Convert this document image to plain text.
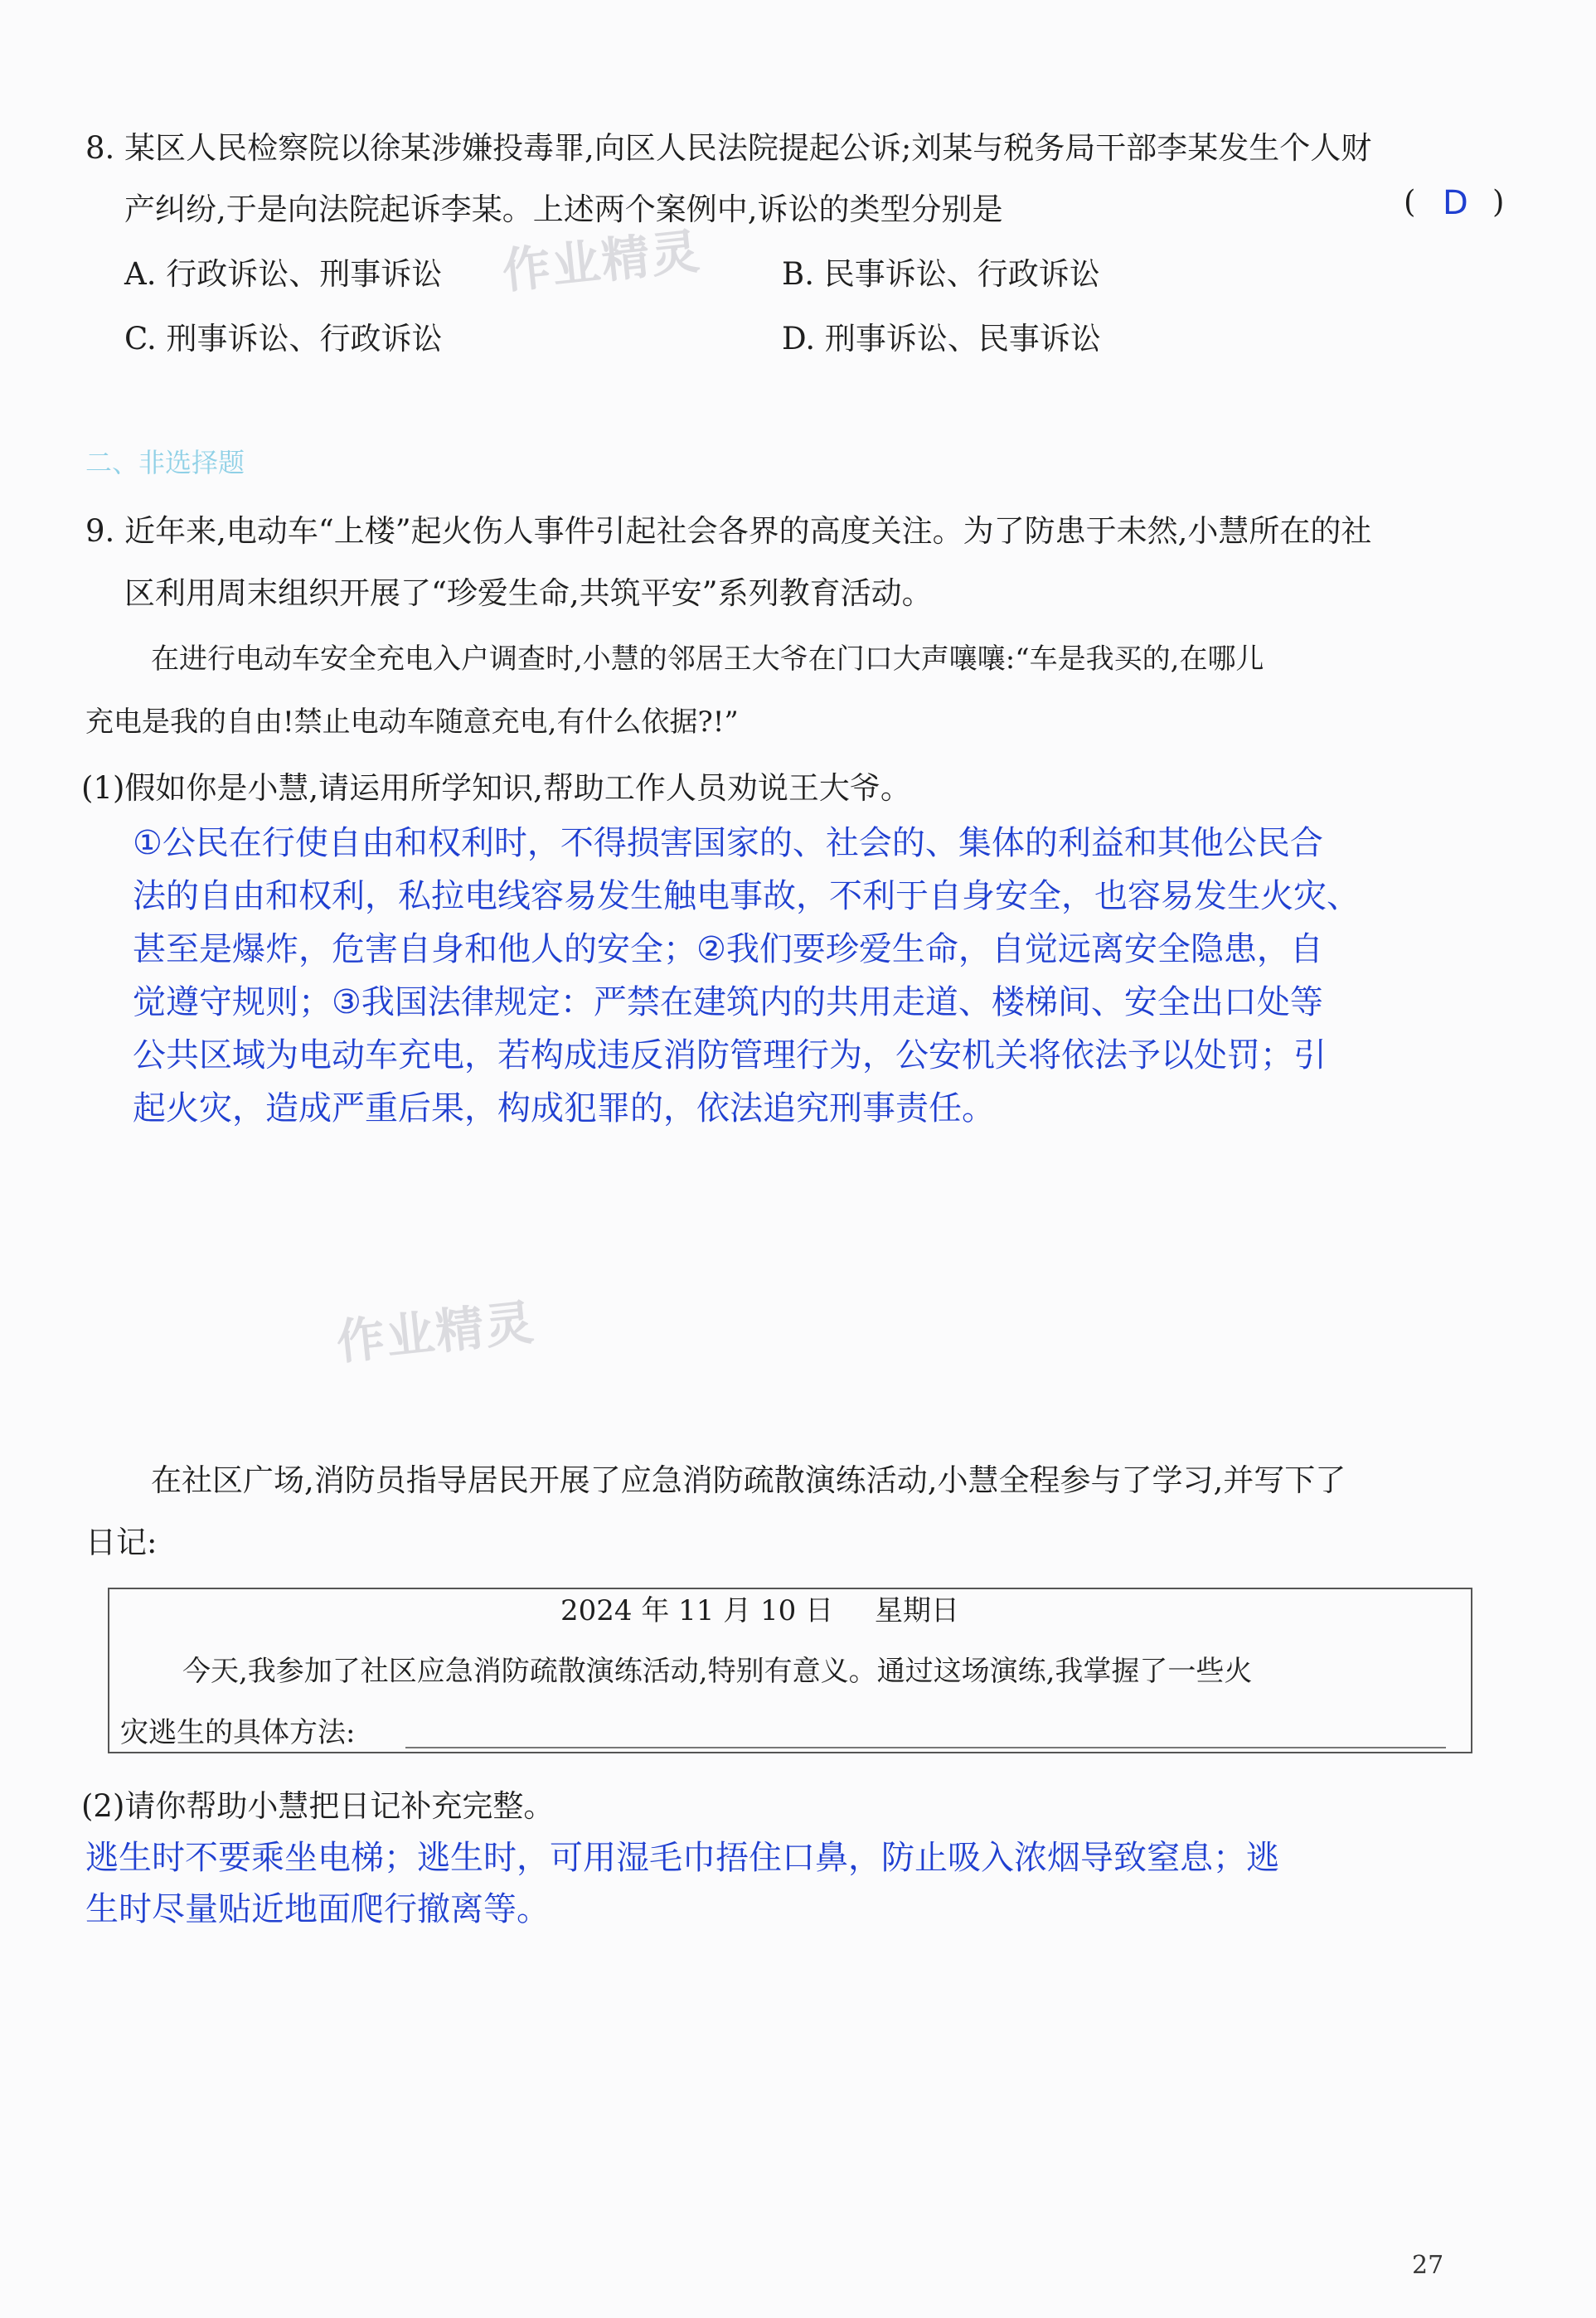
8. 某区人民检察院以徐某涉嫌投毒罪,向区人民法院提起公诉;刘某与税务局干部李某发生个人财
产纠纷,于是向法院起诉李某。上述两个案例中,诉讼的类型分别是	( D )
A. 行政诉讼、刑事诉讼	B. 民事诉讼、行政诉讼
C. 刑事诉讼、行政诉讼	D. 刑事诉讼、民事诉讼
作业精灵
二、非选择题
9. 近年来,电动车“上楼”起火伤人事件引起社会各界的高度关注。为了防患于未然,小慧所在的社
区利用周末组织开展了“珍爱生命,共筑平安”系列教育活动。
在进行电动车安全充电入户调查时,小慧的邻居王大爷在门口大声嚷嚷:“车是我买的,在哪儿
充电是我的自由!禁止电动车随意充电,有什么依据?!”
(1)假如你是小慧,请运用所学知识,帮助工作人员劝说王大爷。
①公民在行使自由和权利时，不得损害国家的、社会的、集体的利益和其他公民合
法的自由和权利，私拉电线容易发生触电事故，不利于自身安全，也容易发生火灾、
甚至是爆炸，危害自身和他人的安全；②我们要珍爱生命，自觉远离安全隐患，自
觉遵守规则；③我国法律规定：严禁在建筑内的共用走道、楼梯间、安全出口处等
公共区域为电动车充电，若构成违反消防管理行为，公安机关将依法予以处罚；引
起火灾，造成严重后果，构成犯罪的，依法追究刑事责任。
作业精灵
在社区广场,消防员指导居民开展了应急消防疏散演练活动,小慧全程参与了学习,并写下了
日记:
2024 年 11 月 10 日 星期日
今天,我参加了社区应急消防疏散演练活动,特别有意义。通过这场演练,我掌握了一些火
灾逃生的具体方法:
(2)请你帮助小慧把日记补充完整。
逃生时不要乘坐电梯；逃生时，可用湿毛巾捂住口鼻，防止吸入浓烟导致窒息；逃
生时尽量贴近地面爬行撤离等。
27
